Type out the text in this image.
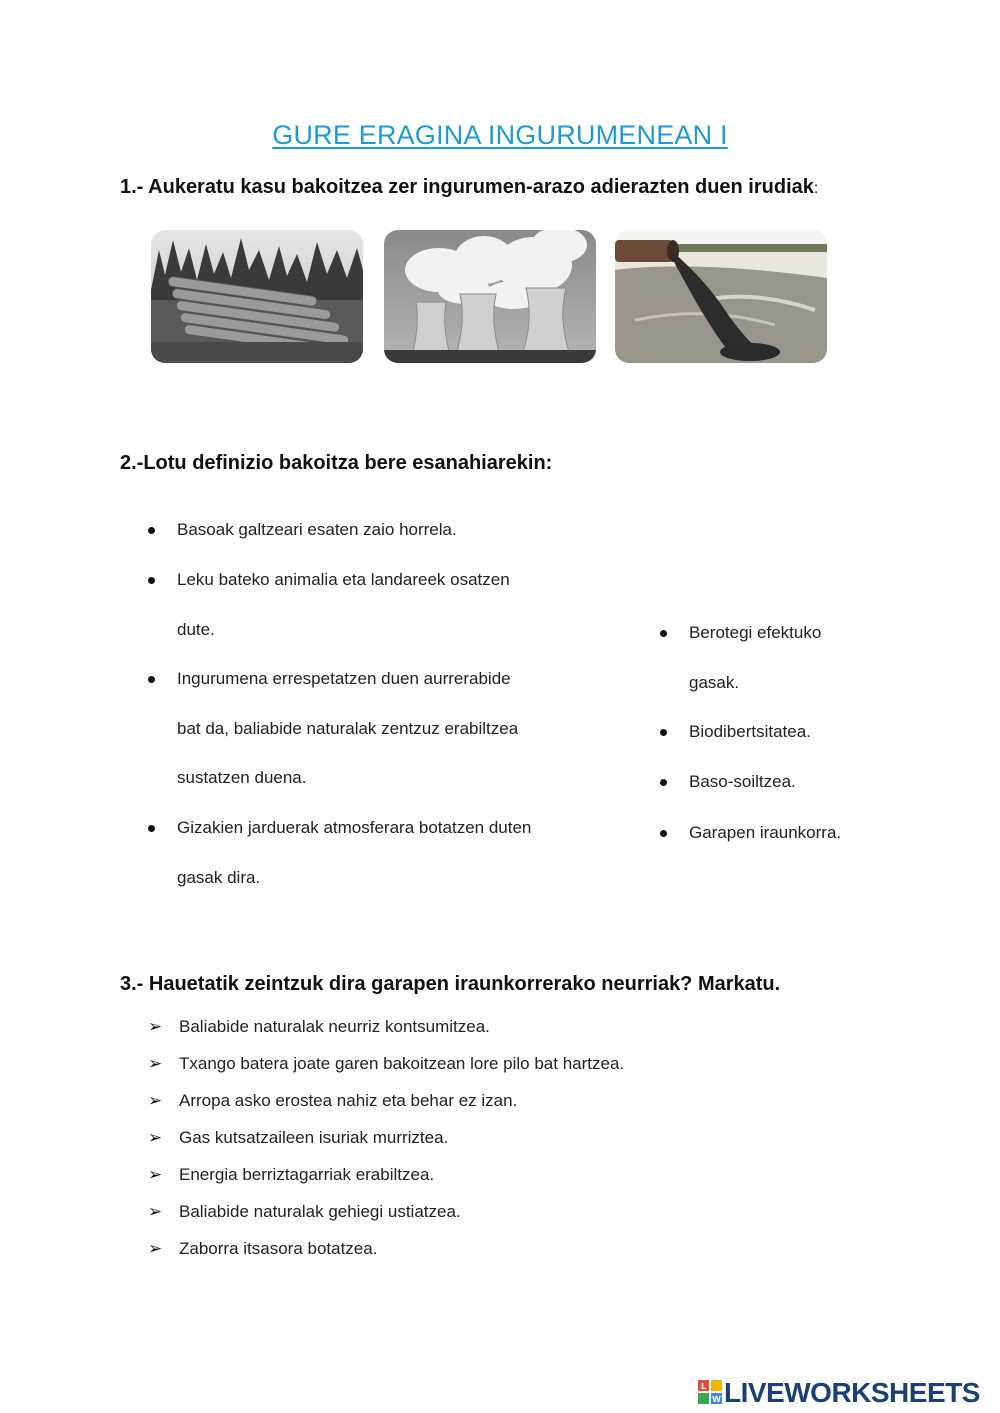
GURE ERAGINA INGURUMENEAN I
1.- Aukeratu kasu bakoitzea zer ingurumen-arazo adierazten duen irudiak:
2.-Lotu definizio bakoitza bere esanahiarekin:
Basoak galtzeari esaten zaio horrela.
Leku bateko animalia eta landareek osatzen
dute.
Ingurumena errespetatzen duen aurrerabide
bat da, baliabide naturalak zentzuz erabiltzea
sustatzen duena.
Gizakien jarduerak atmosferara botatzen duten
gasak dira.
Berotegi efektuko
gasak.
Biodibertsitatea.
Baso-soiltzea.
Garapen iraunkorra.
3.- Hauetatik zeintzuk dira garapen iraunkorrerako neurriak? Markatu.
➢ Baliabide naturalak neurriz kontsumitzea.
➢ Txango batera joate garen bakoitzean lore pilo bat hartzea.
➢ Arropa asko erostea nahiz eta behar ez izan.
➢ Gas kutsatzaileen isuriak murriztea.
➢ Energia berriztagarriak erabiltzea.
➢ Baliabide naturalak gehiegi ustiatzea.
➢ Zaborra itsasora botatzea.
L
W LIVEWORKSHEETS
